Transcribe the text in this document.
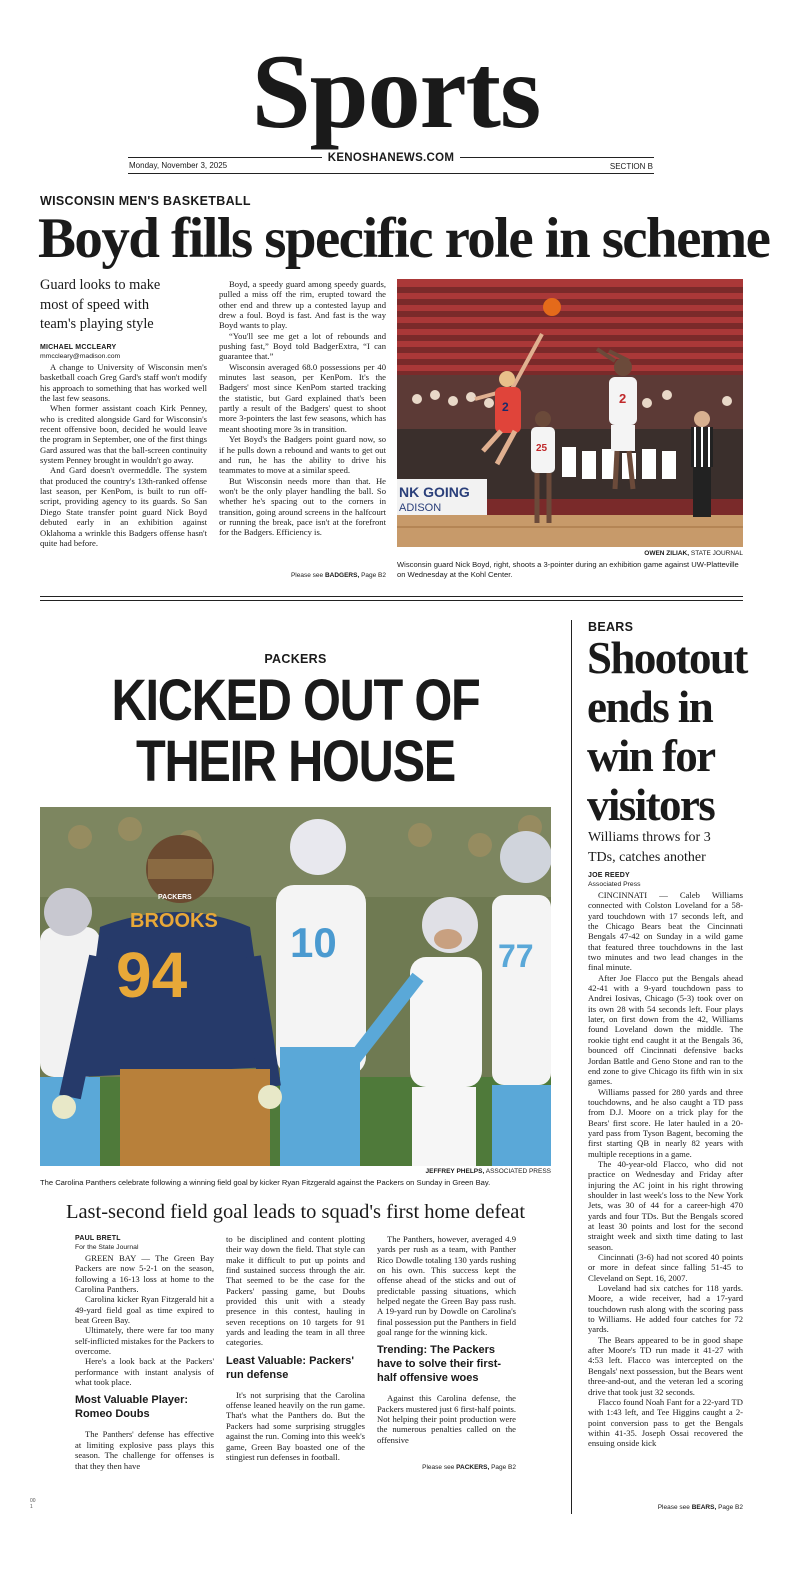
Sports
Monday, November 3, 2025
KENOSHANEWS.COM
SECTION B
WISCONSIN MEN'S BASKETBALL
Boyd fills specific role in scheme
Guard looks to make most of speed with team's playing style
MICHAEL MCCLEARY
mmccleary@madison.com

A change to University of Wisconsin men's basketball coach Greg Gard's staff won't modify his approach to something that has worked well the last few seasons.

When former assistant coach Kirk Penney, who is credited alongside Gard for Wisconsin's recent offensive boon, decided he would leave the program in September, one of the first things Gard assured was that the ball-screen continuity system Penney brought in wouldn't go away.

And Gard doesn't overmeddle. The system that produced the country's 13th-ranked offense last season, per KenPom, is built to run off-script, providing agency to its guards. So San Diego State transfer point guard Nick Boyd debuted early in an exhibition against Oklahoma a wrinkle this Badgers offense hasn't quite had before.

Boyd, a speedy guard among speedy guards, pulled a miss off the rim, erupted toward the other end and threw up a contested layup and drew a foul. Boyd is fast. And fast is the way Boyd wants to play.

“You'll see me get a lot of rebounds and pushing fast,” Boyd told BadgerExtra, “I can guarantee that.”

Wisconsin averaged 68.0 possessions per 40 minutes last season, per KenPom. It's the Badgers' most since KenPom started tracking the statistic, but Gard explained that's been partly a result of the Badgers' quest to shoot more 3-pointers the last few seasons, which has meant shooting more 3s in transition.

Yet Boyd's the Badgers point guard now, so if he pulls down a rebound and wants to get out and run, he has the ability to drive his teammates to move at a similar speed.

But Wisconsin needs more than that. He won't be the only player handling the ball. So whether he's spacing out to the corners in transition, going around screens in the halfcourt or running the break, pace isn't at the forefront for the Badgers. Efficiency is.

Please see BADGERS, Page B2
NK GOING
ADISON
2
2
25
OWEN ZILIAK, STATE JOURNAL
Wisconsin guard Nick Boyd, right, shoots a 3-pointer during an exhibition game against UW-Platteville on Wednesday at the Kohl Center.
PACKERS
KICKED OUT OF
THEIR HOUSE
77
10
PACKERS
BROOKS
94
JEFFREY PHELPS, ASSOCIATED PRESS
The Carolina Panthers celebrate following a winning field goal by kicker Ryan Fitzgerald against the Packers on Sunday in Green Bay.
Last-second field goal leads to squad's first home defeat
PAUL BRETL
For the State Journal

GREEN BAY — The Green Bay Packers are now 5-2-1 on the season, following a 16-13 loss at home to the Carolina Panthers.

Carolina kicker Ryan Fitzgerald hit a 49-yard field goal as time expired to beat Green Bay.

Ultimately, there were far too many self-inflicted mistakes for the Packers to overcome.

Here's a look back at the Packers' performance with instant analysis of what took place.

Most Valuable Player: Romeo Doubs

The Panthers' defense has effective at limiting explosive pass plays this season. The challenge for offenses is that they then have

to be disciplined and content plotting their way down the field. That style can make it difficult to put up points and find sustained success through the air. That seemed to be the case for the Packers' passing game, but Doubs provided this unit with a steady presence in this contest, hauling in seven receptions on 10 targets for 91 yards and leading the team in all three categories.

Least Valuable: Packers' run defense

It's not surprising that the Carolina offense leaned heavily on the run game. That's what the Panthers do. But the Packers had some surprising struggles against the run. Coming into this week's game, Green Bay boasted one of the stingiest run defenses in football.

The Panthers, however, averaged 4.9 yards per rush as a team, with Panther Rico Dowdle totaling 130 yards rushing on his own. This success kept the offense ahead of the sticks and out of predictable passing situations, which helped negate the Green Bay pass rush. A 19-yard run by Dowdle on Carolina's final possession put the Panthers in field goal range for the winning kick.

Trending: The Packers have to solve their first-half offensive woes

Against this Carolina defense, the Packers mustered just 6 first-half points. Not helping their point production were the numerous penalties called on the offensive

Please see PACKERS, Page B2
BEARS
Shootout
ends in
win for
visitors
Williams throws for 3 TDs, catches another
JOE REEDY
Associated Press

CINCINNATI — Caleb Williams connected with Colston Loveland for a 58-yard touchdown with 17 seconds left, and the Chicago Bears beat the Cincinnati Bengals 47-42 on Sunday in a wild game that featured three touchdowns in the last two minutes and two lead changes in the final minute.

After Joe Flacco put the Bengals ahead 42-41 with a 9-yard touchdown pass to Andrei Iosivas, Chicago (5-3) took over on its own 28 with 54 seconds left. Four plays later, on first down from the 42, Williams found Loveland down the middle. The rookie tight end caught it at the Bengals 36, bounced off Cincinnati defensive backs Jordan Battle and Geno Stone and ran to the end zone to give Chicago its fifth win in six games.

Williams passed for 280 yards and three touchdowns, and he also caught a TD pass from D.J. Moore on a trick play for the Bears' first score. He later hauled in a 20-yard pass from Tyson Bagent, becoming the first starting QB in nearly 82 years with multiple receptions in a game.

The 40-year-old Flacco, who did not practice on Wednesday and Friday after injuring the AC joint in his right throwing shoulder in last week's loss to the New York Jets, was 30 of 44 for a career-high 470 yards and four TDs. But the Bengals scored at least 30 points and lost for the second straight week and sixth time dating to last season.

Cincinnati (3-6) had not scored 40 points or more in defeat since falling 51-45 to Cleveland on Sept. 16, 2007.

Loveland had six catches for 118 yards. Moore, a wide receiver, had a 17-yard touchdown rush along with the scoring pass to Williams. He added four catches for 72 yards.

The Bears appeared to be in good shape after Moore's TD run made it 41-27 with 4:53 left. Flacco was intercepted on the Bengals' next possession, but the Bears went three-and-out, and the veteran led a scoring drive that took just 32 seconds.

Flacco found Noah Fant for a 22-yard TD with 1:43 left, and Tee Higgins caught a 2-point conversion pass to get the Bengals within 41-35. Joseph Ossai recovered the ensuing onside kick

Please see BEARS, Page B2
00
1
